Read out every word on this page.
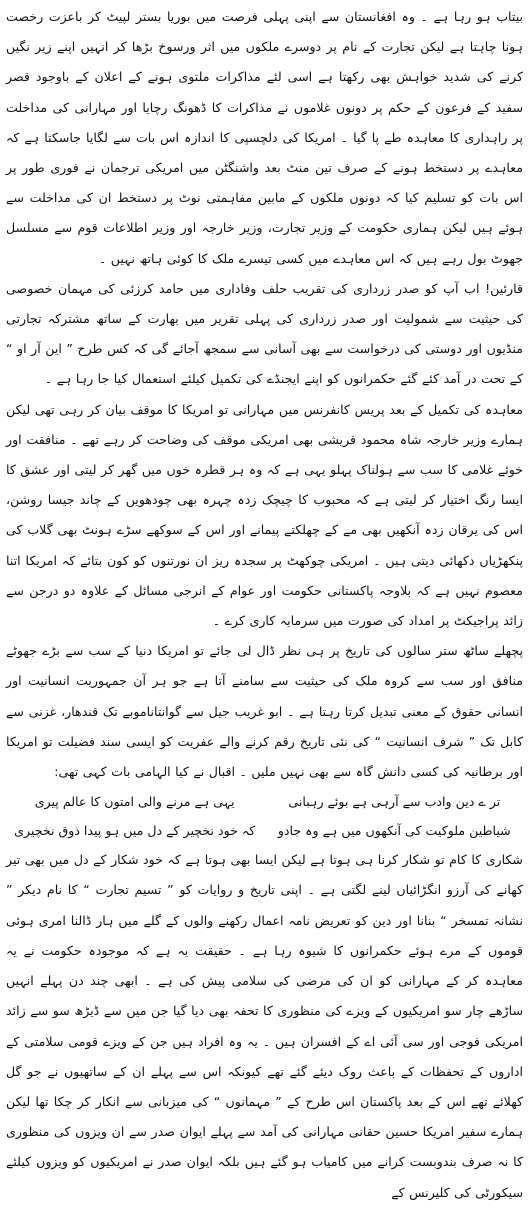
بیتاب ہو رہا ہے ۔ وہ افغانستان سے اپنی پہلی فرصت میں بوریا بستر لپیٹ کر باعزت رخصت ہونا چاہتا ہے لیکن تجارت کے نام پر دوسرے ملکوں میں اثر ورسوخ بڑھا کر انہیں اپنے زیر نگیں کرنے کی شدید خواہش بھی رکھتا ہے اسی لئے مذاکرات ملتوی ہونے کے اعلان کے باوجود قصر سفید کے فرعون کے حکم پر دونوں غلاموں نے مذاکرات کا ڈھونگ رچایا اور مہارانی کی مداخلت پر راہداری کا معاہدہ طے پا گیا ۔ امریکا کی دلچسپی کا اندازہ اس بات سے لگایا جاسکتا ہے کہ معاہدے پر دستخط ہونے کے صرف تین منٹ بعد واشنگٹن میں امریکی ترجمان نے فوری طور پر اس بات کو تسلیم کیا کہ دونوں ملکوں کے مابین مفاہمتی نوٹ پر دستخط ان کی مداخلت سے ہوئے ہیں لیکن ہماری حکومت کے وزیر تجارت، وزیر خارجہ اور وزیر اطلاعات قوم سے مسلسل جھوٹ بول رہے ہیں کہ اس معاہدے میں کسی تیسرے ملک کا کوئی ہاتھ نہیں ۔

قارئین! اب آپ کو صدر زرداری کی تقریب حلف وفاداری میں حامد کرزئی کی مہمان خصوصی کی حیثیت سے شمولیت اور صدر زرداری کی پہلی تقریر میں بھارت کے ساتھ مشترکہ تجارتی منڈیوں اور دوستی کی درخواست سے بھی آسانی سے سمجھ آجائے گی کہ کس طرح ” این آر او “ کے تحت در آمد کئے گئے حکمرانوں کو اپنے ایجنڈے کی تکمیل کیلئے استعمال کیا جا رہا ہے ۔

معاہدہ کی تکمیل کے بعد پریس کانفرنس میں مہارانی تو امریکا کا موقف بیان کر رہی تھی لیکن ہمارے وزیر خارجہ شاہ محمود قریشی بھی امریکی موقف کی وضاحت کر رہے تھے ۔ منافقت اور خوئے غلامی کا سب سے ہولناک پہلو یہی ہے کہ وہ ہر قطرہ خوں میں گھر کر لیتی اور عشق کا ایسا رنگ اختیار کر لیتی ہے کہ محبوب کا چیچک زدہ چہرہ بھی چودھویں کے چاند جیسا روشن، اس کی یرقان زدہ آنکھیں بھی مے کے چھلکتے پیمانے اور اس کے سوکھے سڑے ہونٹ بھی گلاب کی پنکھڑیاں دکھائی دیتی ہیں ۔ امریکی چوکھٹ پر سجدہ ریز ان نورتنوں کو کون بتائے کہ امریکا اتنا معصوم نہیں ہے کہ بلاوجہ پاکستانی حکومت اور عوام کے انرجی مسائل کے علاوہ دو درجن سے زائد پراجیکٹ پر امداد کی صورت میں سرمایہ کاری کرے ۔

پچھلے ساٹھ ستر سالوں کی تاریخ پر ہی نظر ڈال لی جائے تو امریکا دنیا کے سب سے بڑے جھوٹے منافق اور سب سے کروہ ملک کی حیثیت سے سامنے آتا ہے جو ہر آن جمہوریت انسانیت اور انسانی حقوق کے معنی تبدیل کرتا رہتا ہے ۔ ابو غریب جیل سے گوانتاناموبے تک قندھار، غزنی سے کابل تک ” شرف انسانیت “ کی نئی تاریخ رقم کرنے والے عفریت کو ایسی سند فضیلت تو امریکا اور برطانیہ کی کسی دانش گاہ سے بھی نہیں ملیں ۔ اقبال نے کیا الہامی بات کہی تھی:

تر ے دین وادب سے آرہی ہے بوئے رہبانی
یہی ہے مرنے والی امتوں کا عالم پیری
شیاطین ملوکیت کی آنکھوں میں ہے وہ جادو
کہ خود نخچیر کے دل میں ہو پیدا ذوق نخچیری

شکاری کا کام تو شکار کرنا ہی ہوتا ہے لیکن ایسا بھی ہوتا ہے کہ خود شکار کے دل میں بھی تیر کھانے کی آرزو انگڑائیاں لینے لگتی ہے ۔ اپنی تاریخ و روایات کو ” تسیم تجارت “ کا نام دیکر ” نشانہ تمسخر “ بنانا اور دین کو تعریض نامہ اعمال رکھنے والوں کے گلے میں ہار ڈالنا امری ہوئی قوموں کے مرے ہوئے حکمرانوں کا شیوہ رہا ہے ۔ حقیقت یہ ہے کہ موجودہ حکومت نے یہ معاہدہ کر کے مہارانی کو ان کی مرضی کی سلامی پیش کی ہے ۔ ابھی چند دن پہلے انہیں ساڑھے چار سو امریکیوں کے ویزے کی منظوری کا تحفہ بھی دیا گیا جن میں سے ڈیڑھ سو سے زائد امریکی فوجی اور سی آئی اے کے افسران ہیں ۔ یہ وہ افراد ہیں جن کے ویزے قومی سلامتی کے اداروں کے تحفظات کے باعث روک دیئے گئے تھے کیونکہ اس سے پہلے ان کے ساتھیوں نے جو گل کھلائے تھے اس کے بعد پاکستان اس طرح کے ” مہمانوں “ کی میزبانی سے انکار کر چکا تھا لیکن ہمارے سفیر امریکا حسین حقانی مہارانی کی آمد سے پہلے ایوان صدر سے ان ویزوں کی منظوری کا نہ صرف بندوبست کرانے میں کامیاب ہو گئے ہیں بلکہ ایوان صدر نے امریکیوں کو ویزوں کیلئے سیکورٹی کی کلیرنس کے
